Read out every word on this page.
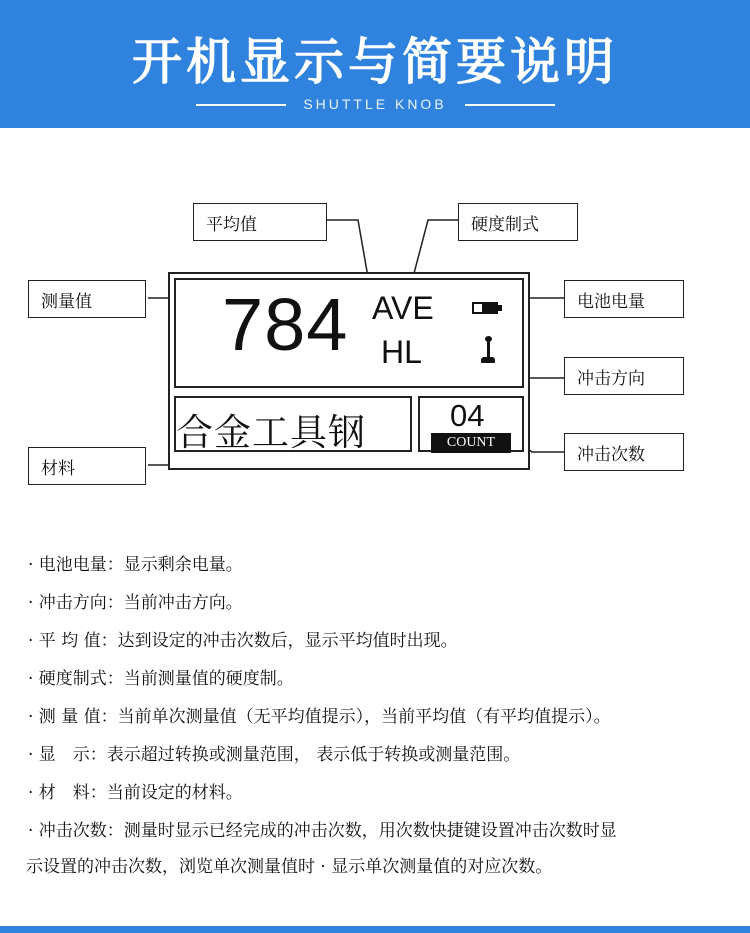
开机显示与简要说明
SHUTTLE KNOB
平均值	硬度制式
测量值	电池电量
冲击方向
材料
冲击次数
784 AVE
HL
合金工具钢	04
COUNT
· 电池电量：显示剩余电量。
· 冲击方向：当前冲击方向。
· 平 均 值：达到设定的冲击次数后，显示平均值时出现。
· 硬度制式：当前测量值的硬度制。
· 测 量 值：当前单次测量值（无平均值提示），当前平均值（有平均值提示）。
· 显　示：表示超过转换或测量范围， 表示低于转换或测量范围。
· 材　料：当前设定的材料。
· 冲击次数：测量时显示已经完成的冲击次数，用次数快捷键设置冲击次数时显
示设置的冲击次数，浏览单次测量值时 · 显示单次测量值的对应次数。
